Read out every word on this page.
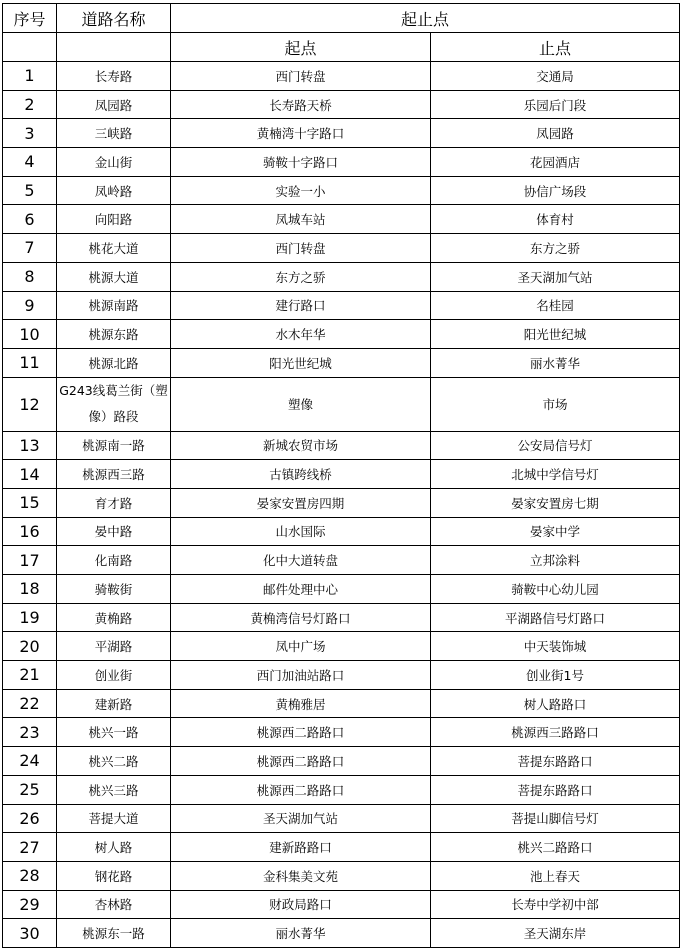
序号	道路名称	起止点	
		起点	止点
1	长寿路	西门转盘	交通局
2	凤园路	长寿路天桥	乐园后门段
3	三峡路	黄楠湾十字路口	凤园路
4	金山街	骑鞍十字路口	花园酒店
5	凤岭路	实验一小	协信广场段
6	向阳路	凤城车站	体育村
7	桃花大道	西门转盘	东方之骄
8	桃源大道	东方之骄	圣天湖加气站
9	桃源南路	建行路口	名桂园
10	桃源东路	水木年华	阳光世纪城
11	桃源北路	阳光世纪城	丽水菁华
12	G243线葛兰街（塑像）路段	塑像	市场
13	桃源南一路	新城农贸市场	公安局信号灯
14	桃源西三路	古镇跨线桥	北城中学信号灯
15	育才路	晏家安置房四期	晏家安置房七期
16	晏中路	山水国际	晏家中学
17	化南路	化中大道转盘	立邦涂料
18	骑鞍街	邮件处理中心	骑鞍中心幼儿园
19	黄桷路	黄桷湾信号灯路口	平湖路信号灯路口
20	平湖路	凤中广场	中天装饰城
21	创业街	西门加油站路口	创业街1号
22	建新路	黄桷雅居	树人路路口
23	桃兴一路	桃源西二路路口	桃源西三路路口
24	桃兴二路	桃源西二路路口	菩提东路路口
25	桃兴三路	桃源西二路路口	菩提东路路口
26	菩提大道	圣天湖加气站	菩提山脚信号灯
27	树人路	建新路路口	桃兴二路路口
28	钢花路	金科集美文苑	池上春天
29	杏林路	财政局路口	长寿中学初中部
30	桃源东一路	丽水菁华	圣天湖东岸
